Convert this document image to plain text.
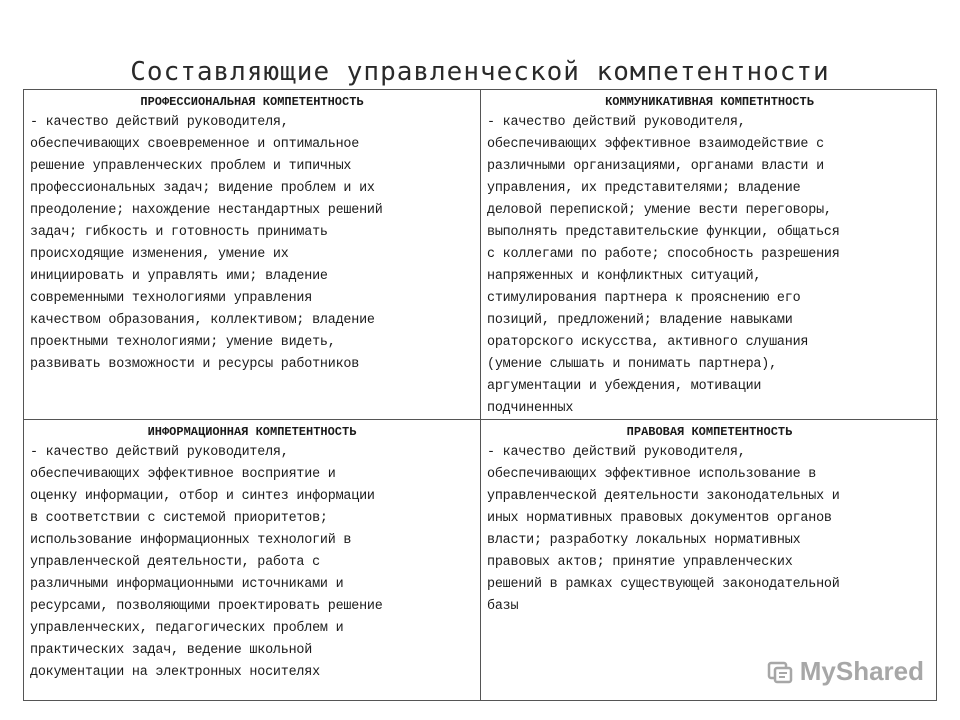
Составляющие управленческой компетентности
ПРОФЕССИОНАЛЬНАЯ КОМПЕТЕНТНОСТЬ
- качество действий руководителя,
обеспечивающих своевременное и оптимальное
решение управленческих проблем и типичных
профессиональных задач; видение проблем и их
преодоление; нахождение нестандартных решений
задач; гибкость и готовность принимать
происходящие изменения, умение их
инициировать и управлять ими; владение
современными технологиями управления
качеством образования, коллективом; владение
проектными технологиями; умение видеть,
развивать возможности и ресурсы работников
КОММУНИКАТИВНАЯ КОМПЕТНТНОСТЬ
- качество действий руководителя,
обеспечивающих эффективное взаимодействие с
различными организациями, органами власти и
управления, их представителями; владение
деловой перепиской; умение вести переговоры,
выполнять представительские функции, общаться
с коллегами по работе; способность разрешения
напряженных и конфликтных ситуаций,
стимулирования партнера к прояснению его
позиций, предложений; владение навыками
ораторского искусства, активного слушания
(умение слышать и понимать партнера),
аргументации и убеждения, мотивации
подчиненных
ИНФОРМАЦИОННАЯ КОМПЕТЕНТНОСТЬ
- качество действий руководителя,
обеспечивающих эффективное восприятие и
оценку информации, отбор и синтез информации
в соответствии с системой приоритетов;
использование информационных технологий в
управленческой деятельности, работа с
различными информационными источниками и
ресурсами, позволяющими проектировать решение
управленческих, педагогических проблем и
практических задач, ведение школьной
документации на электронных носителях
ПРАВОВАЯ КОМПЕТЕНТНОСТЬ
- качество действий руководителя,
обеспечивающих эффективное использование в
управленческой деятельности законодательных и
иных нормативных правовых документов органов
власти; разработку локальных нормативных
правовых актов; принятие управленческих
решений в рамках существующей законодательной
базы
MyShared
